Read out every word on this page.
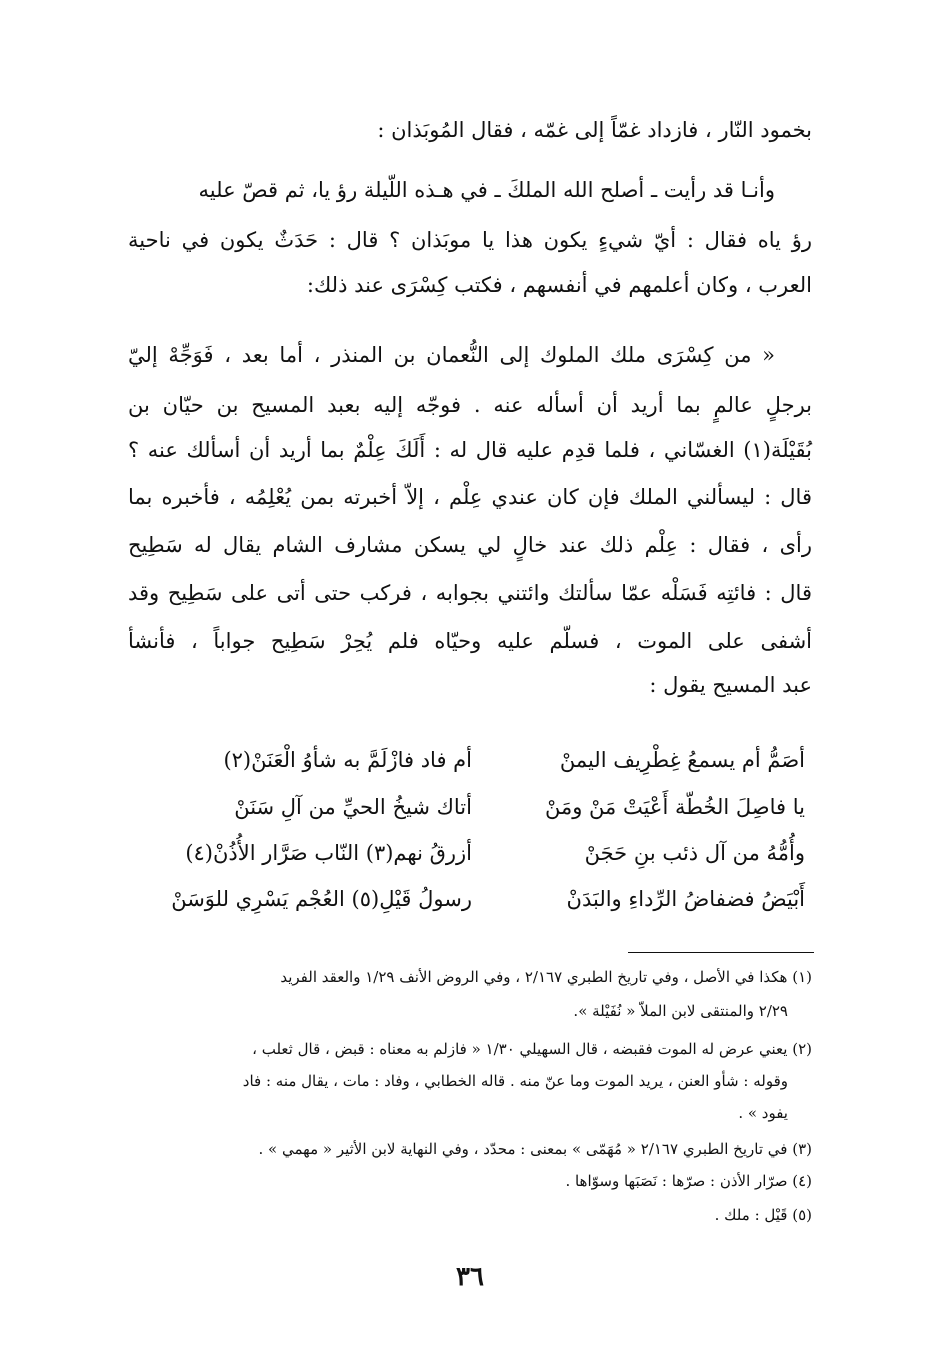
بخمود النّار ، فازداد غمّاً إلى غمّه ، فقال المُوبَذان :
وأنـا قد رأيت ـ أصلح الله الملكَ ـ في هـذه اللّيلة رؤ يا، ثم قصّ عليه
رؤ ياه فقال : أيّ شيءٍ يكون هذا يا موبَذان ؟ قال : حَدَثٌ يكون في ناحية
العرب ، وكان أعلمهم في أنفسهم ، فكتب كِسْرَى عند ذلك:
« من كِسْرَى ملك الملوك إلى النُّعمان بن المنذر ، أما بعد ، فَوَجِّهْ إليّ
برجلٍ عالمٍ بما أريد أن أسأله عنه . فوجّه إليه بعبد المسيح بن حيّان بن
بُقَيْلَة(١) الغسّاني ، فلما قدِم عليه قال له : أَلَكَ عِلْمٌ بما أريد أن أسألك عنه ؟
قال : ليسألني الملك فإن كان عندي عِلْم ، إلاّ أخبرته بمن يُعْلِمُه ، فأخبره بما
رأى ، فقال : عِلْم ذلك عند خالٍ لي يسكن مشارف الشام يقال له سَطِيح
قال : فائتِه فَسَلْه عمّا سألتك وائتني بجوابه ، فركب حتى أتى على سَطِيح وقد
أشفى على الموت ، فسلّم عليه وحيّاه فلم يُحِرْ سَطِيح جواباً ، فأنشأ
عبد المسيح يقول :
أصَمُّ أم يسمعُ غِطْرِيف اليمنْ
أم فاد فازْلَمَّ به شأوُ الْعَنَنْ(٢)
يا فاصِلَ الخُطّة أَعْيَتْ مَنْ ومَنْ
أتاك شيخُ الحيِّ من آلِ سَنَنْ
وأُمُّهُ من آل ذئب بنِ حَجَنْ
أزرقُ نهم(٣) النّاب صَرَّار الأُذُنْ(٤)
أَبْيَضُ فضفاضُ الرِّداءِ والبَدَنْ
رسولُ قَيْلِ(٥) العُجْم يَسْرِي للوَسَنْ
(١) هكذا في الأصل ، وفي تاريخ الطبري ٢/١٦٧ ، وفي الروض الأنف ١/٢٩ والعقد الفريد
٢/٢٩ والمنتقى لابن الملاّ « نُفَيْلة ».
(٢) يعني عرض له الموت فقبضه ، قال السهيلي ١/٣٠ « فازلم به معناه : قبض ، قال ثعلب ،
وقوله : شأو العنن ، يريد الموت وما عنّ منه . قاله الخطابي ، وفاد : مات ، يقال منه : فاد
يفود » .
(٣) في تاريخ الطبري ٢/١٦٧ « مُهَمّى » بمعنى : محدّد ، وفي النهاية لابن الأثير « مهمي » .
(٤) صرّار الأذن : صرّها : نَصَبَها وسوّاها .
(٥) قَيْل : ملك .
٣٦
